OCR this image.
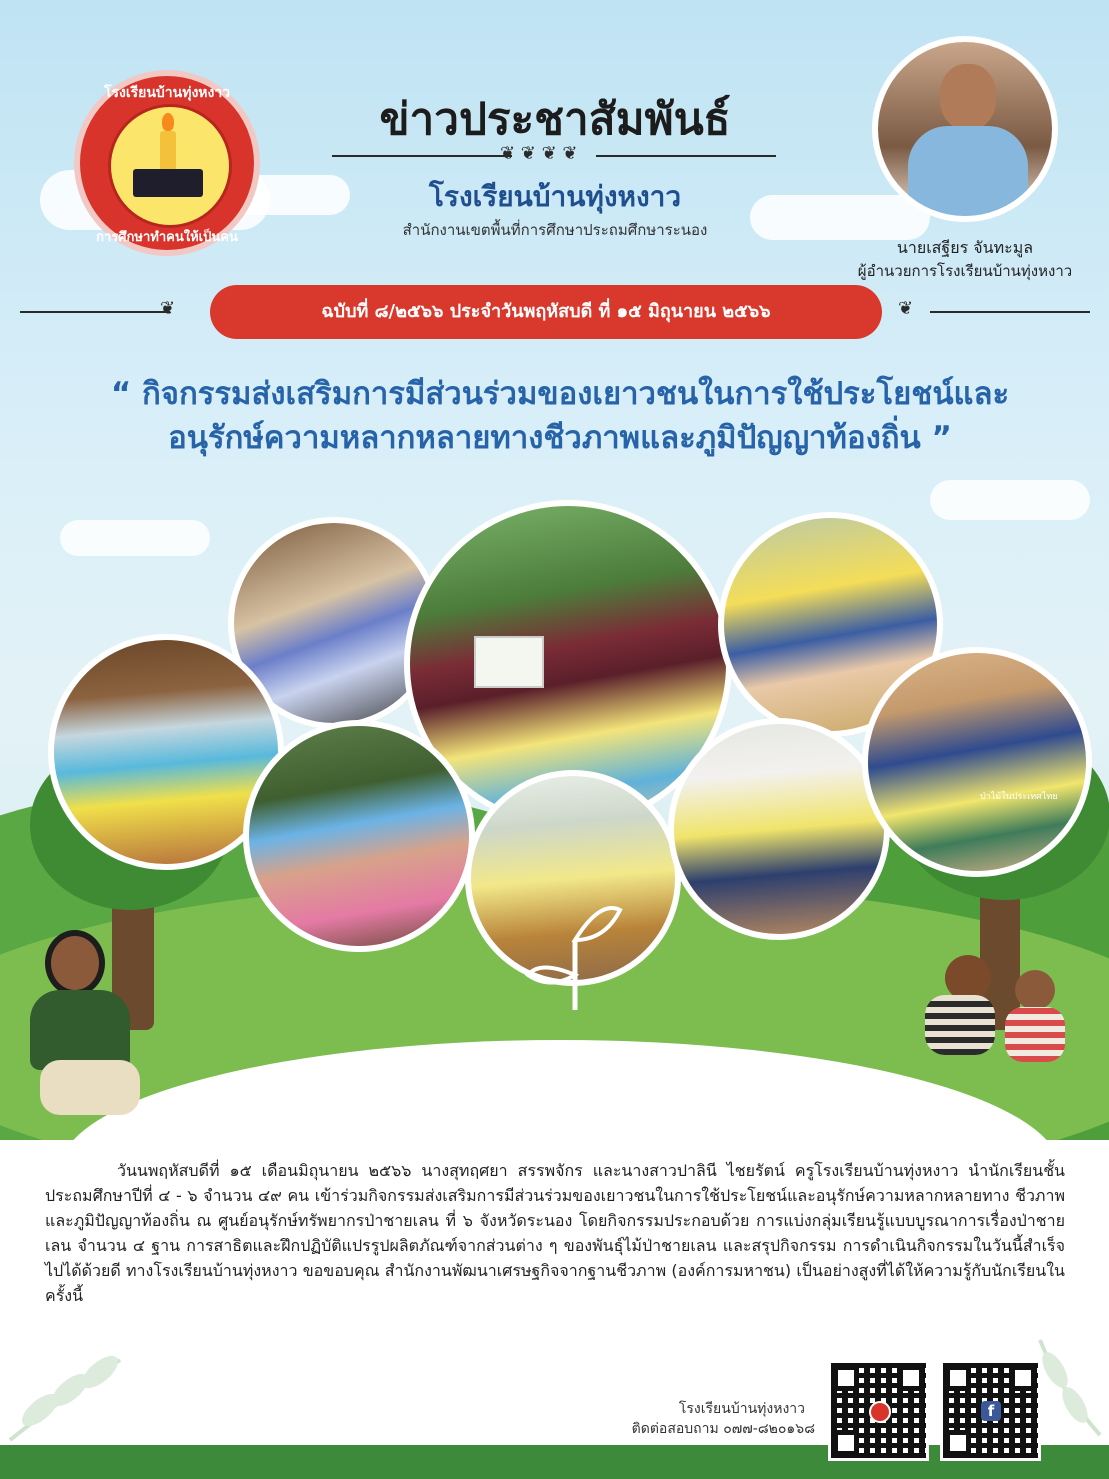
โรงเรียนบ้านทุ่งหงาว
การศึกษาทำคนให้เป็นคน
ข่าวประชาสัมพันธ์
❦ ❦ ❦ ❦
โรงเรียนบ้านทุ่งหงาว
สำนักงานเขตพื้นที่การศึกษาประถมศึกษาระนอง
นายเสฐียร จันทะมูล
ผู้อำนวยการโรงเรียนบ้านทุ่งหงาว
❦	ฉบับที่ ๘/๒๕๖๖ ประจำวันพฤหัสบดี ที่ ๑๕ มิถุนายน ๒๕๖๖	❦
“ กิจกรรมส่งเสริมการมีส่วนร่วมของเยาวชนในการใช้ประโยชน์และ
อนุรักษ์ความหลากหลายทางชีวภาพและภูมิปัญญาท้องถิ่น ”
ป่าไม้ในประเทศไทย
วันนพฤหัสบดีที่ ๑๕ เดือนมิถุนายน ๒๕๖๖ นางสุทฤศยา สรรพจักร และนางสาวปาลินี ไชยรัตน์ ครูโรงเรียนบ้านทุ่งหงาว นำนักเรียนชั้นประถมศึกษาปีที่ ๔ - ๖ จำนวน ๔๙ คน เข้าร่วมกิจกรรมส่งเสริมการมีส่วนร่วมของเยาวชนในการใช้ประโยชน์และอนุรักษ์ความหลากหลายทาง ชีวภาพและภูมิปัญญาท้องถิ่น ณ ศูนย์อนุรักษ์ทรัพยากรป่าชายเลน ที่ ๖ จังหวัดระนอง โดยกิจกรรมประกอบด้วย การแบ่งกลุ่มเรียนรู้แบบบูรณาการเรื่องป่าชายเลน จำนวน ๔ ฐาน การสาธิตและฝึกปฏิบัติแปรรูปผลิตภัณฑ์จากส่วนต่าง ๆ ของพันธุ์ไม้ป่าชายเลน และสรุปกิจกรรม การดำเนินกิจกรรมในวันนี้สำเร็จไปได้ด้วยดี ทางโรงเรียนบ้านทุ่งหงาว ขอขอบคุณ สำนักงานพัฒนาเศรษฐกิจจากฐานชีวภาพ (องค์การมหาชน) เป็นอย่างสูงที่ได้ให้ความรู้กับนักเรียนในครั้งนี้
โรงเรียนบ้านทุ่งหงาว
ติดต่อสอบถาม ๐๗๗-๘๒๐๑๖๘
f
